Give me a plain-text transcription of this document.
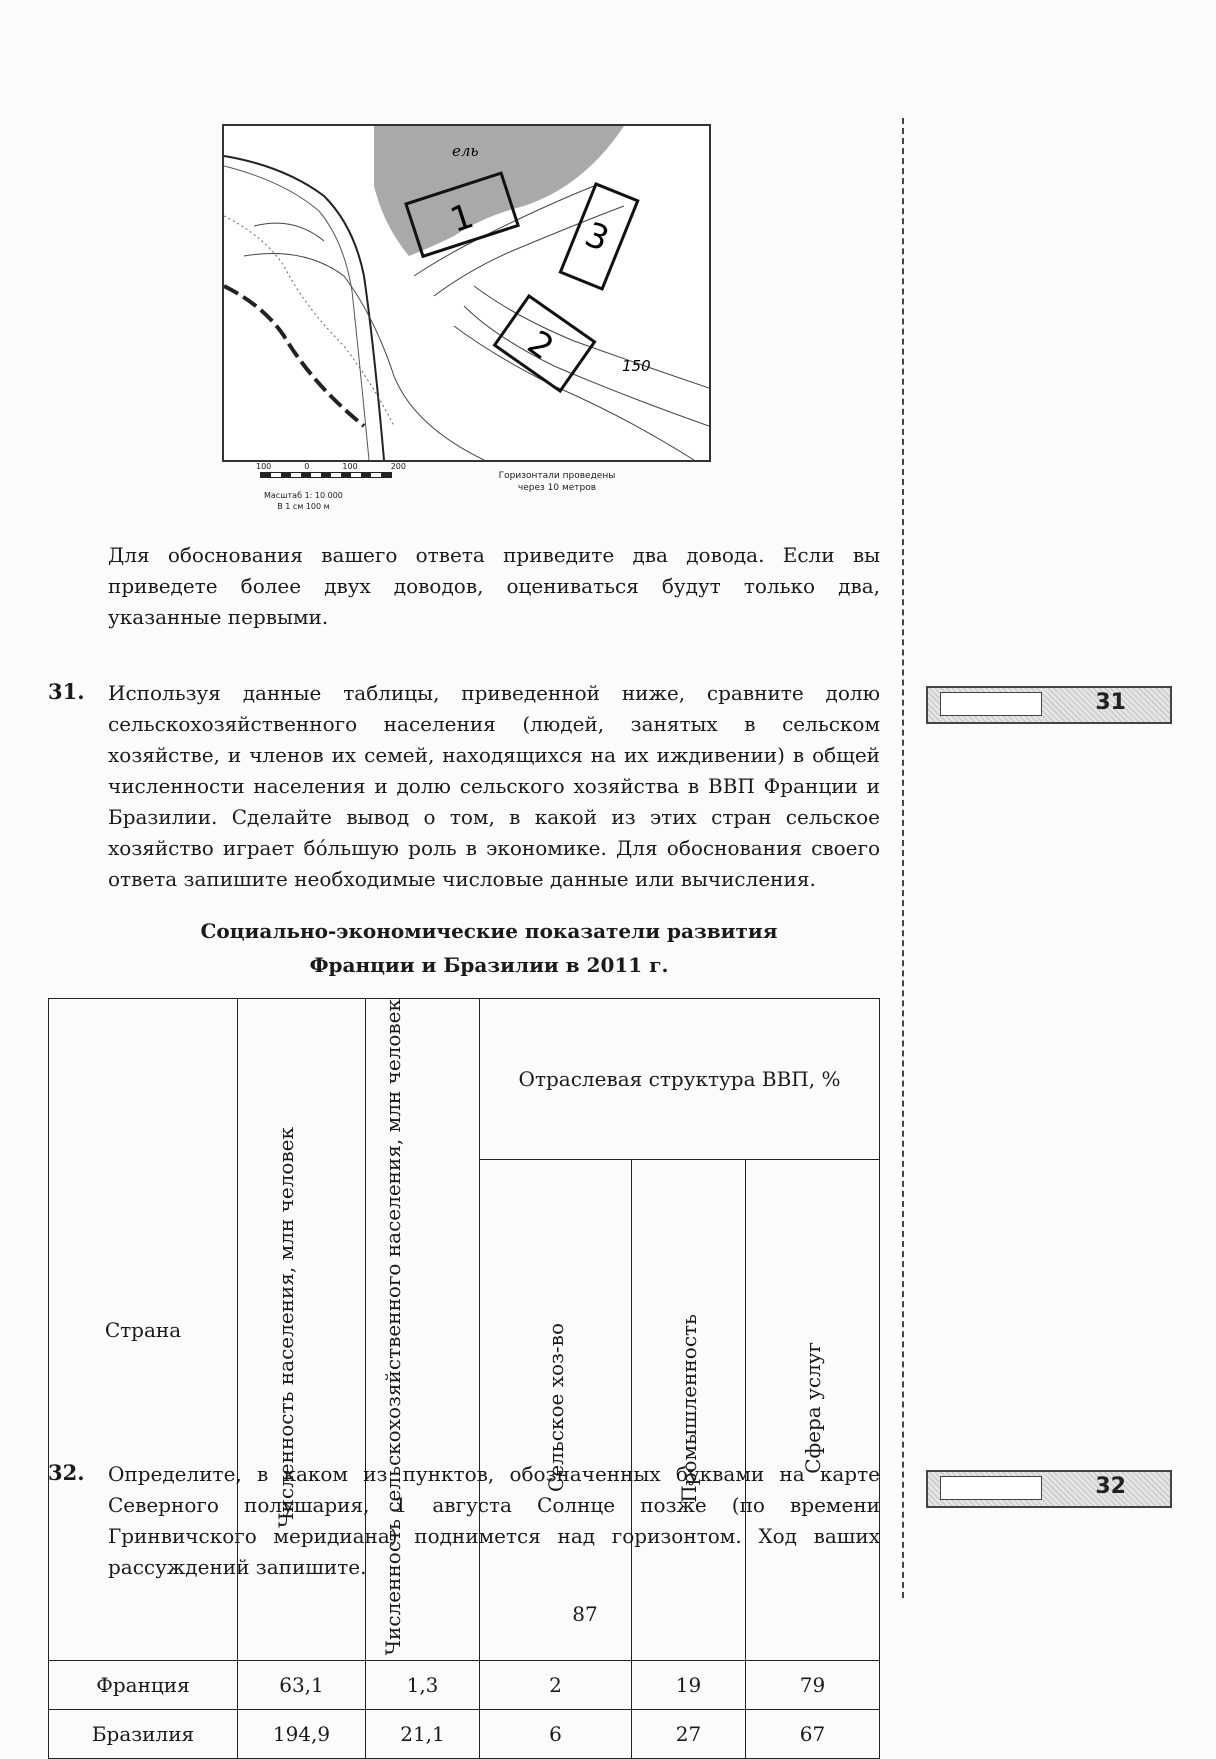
1	3
2	150
ель
100	0	100	200
Масштаб 1: 10 000
В 1 см 100 м
Горизонтали проведены
через 10 метров
Для обоснования вашего ответа приведите два довода. Если вы приведете более двух доводов, оцениваться будут только два, указанные первыми.
31. Используя данные таблицы, приведенной ниже, сравните долю сельскохозяйственного населения (людей, занятых в сельском хозяйстве, и членов их семей, находящихся на их иждивении) в общей численности населения и долю сельского хозяйства в ВВП Франции и Бразилии. Сделайте вывод о том, в какой из этих стран сельское хозяйство играет бóльшую роль в экономике. Для обоснования своего ответа запишите необходимые числовые данные или вычисления.
31
Социально-экономические показатели развития
Франции и Бразилии в 2011 г.
Страна	Численность населения, млн человек	Численность сельскохозяйственного населения, млн человек	Отраслевая структура ВВП, %		
			Сельское хоз-во	Промышленность	Сфера услуг
Франция	63,1	1,3	2	19	79
Бразилия	194,9	21,1	6	27	67
32. Определите, в каком из пунктов, обозначенных буквами на карте Северного полушария, 1 августа Солнце позже (по времени Гринвичского меридиана) поднимется над горизонтом. Ход ваших рассуждений запишите.
32
87
